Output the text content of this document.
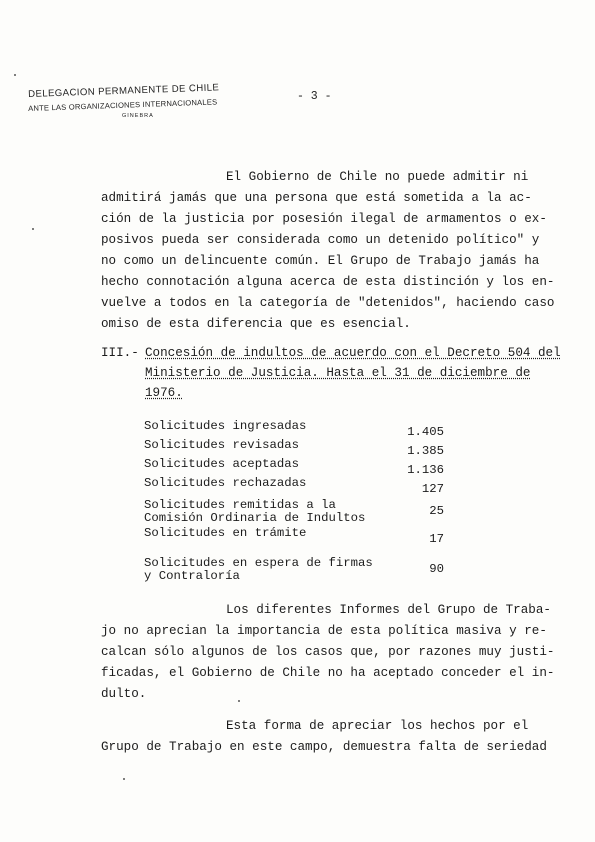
DELEGACION PERMANENTE DE CHILE
ANTE LAS ORGANIZACIONES INTERNACIONALES
GINEBRA
- 3 -
El Gobierno de Chile no puede admitir ni
admitirá jamás que una persona que está sometida a la ac-
ción de la justicia por posesión ilegal de armamentos o ex-
posivos pueda ser considerada como un detenido político" y
no como un delincuente común. El Grupo de Trabajo jamás ha
hecho connotación alguna acerca de esta distinción y los en-
vuelve a todos en la categoría de "detenidos", haciendo caso
omiso de esta diferencia que es esencial.
III.- Concesión de indultos de acuerdo con el Decreto 504 del
Ministerio de Justicia. Hasta el 31 de diciembre de
1976.
Solicitudes ingresadas	1.405
Solicitudes revisadas	1.385
Solicitudes aceptadas	1.136
Solicitudes rechazadas	127
Solicitudes remitidas a la
Comisión Ordinaria de Indultos	25
Solicitudes en trámite	17
Solicitudes en espera de firmas
y Contraloría	90
Los diferentes Informes del Grupo de Traba-
jo no aprecian la importancia de esta política masiva y re-
calcan sólo algunos de los casos que, por razones muy justi-
ficadas, el Gobierno de Chile no ha aceptado conceder el in-
dulto.
Esta forma de apreciar los hechos por el
Grupo de Trabajo en este campo, demuestra falta de seriedad
